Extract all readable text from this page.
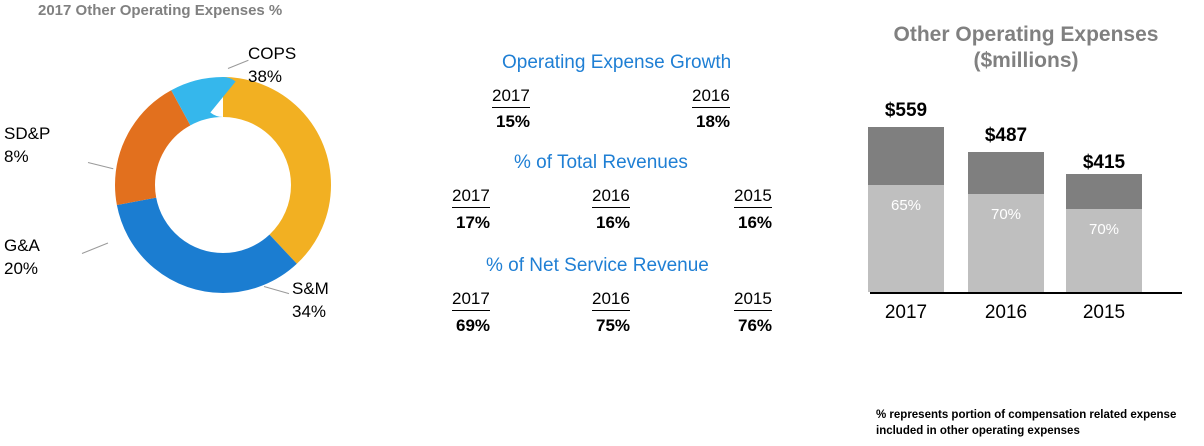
2017 Other Operating Expenses %
COPS
38%
SD&P
8%
G&A
20%
S&M
34%
Operating Expense Growth
2017	2016
15%	18%
% of Total Revenues
2017	2016	2015
17%	16%	16%
% of Net Service Revenue
2017	2016	2015
69%	75%	76%
Other Operating Expenses
($millions)
$559
65%
2017
$487
70%
2016
$415
70%
2015
% represents portion of compensation related expense included in other operating expenses
